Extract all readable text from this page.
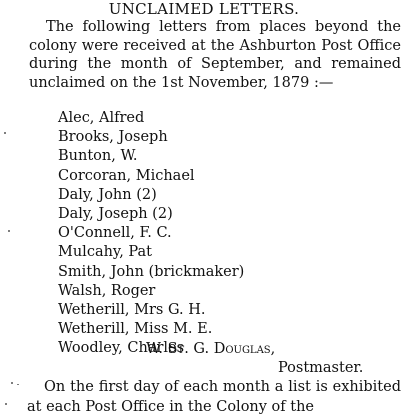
UNCLAIMED LETTERS.

The following letters from places beyond the colony were received at the Ashburton Post Office during the month of September, and remained unclaimed on the 1st November, 1879 :—

Alec, Alfred
Brooks, Joseph
Bunton, W.
Corcoran, Michael
Daly, John (2)
Daly, Joseph (2)
O'Connell, F. C.
Mulcahy, Pat
Smith, John (brickmaker)
Walsh, Roger
Wetherill, Mrs G. H.
Wetherill, Miss M. E.
Woodley, Charles
W. St. G. Douglas,
Postmaster.

On the first day of each month a list is exhibited at each Post Office in the Colony of the
